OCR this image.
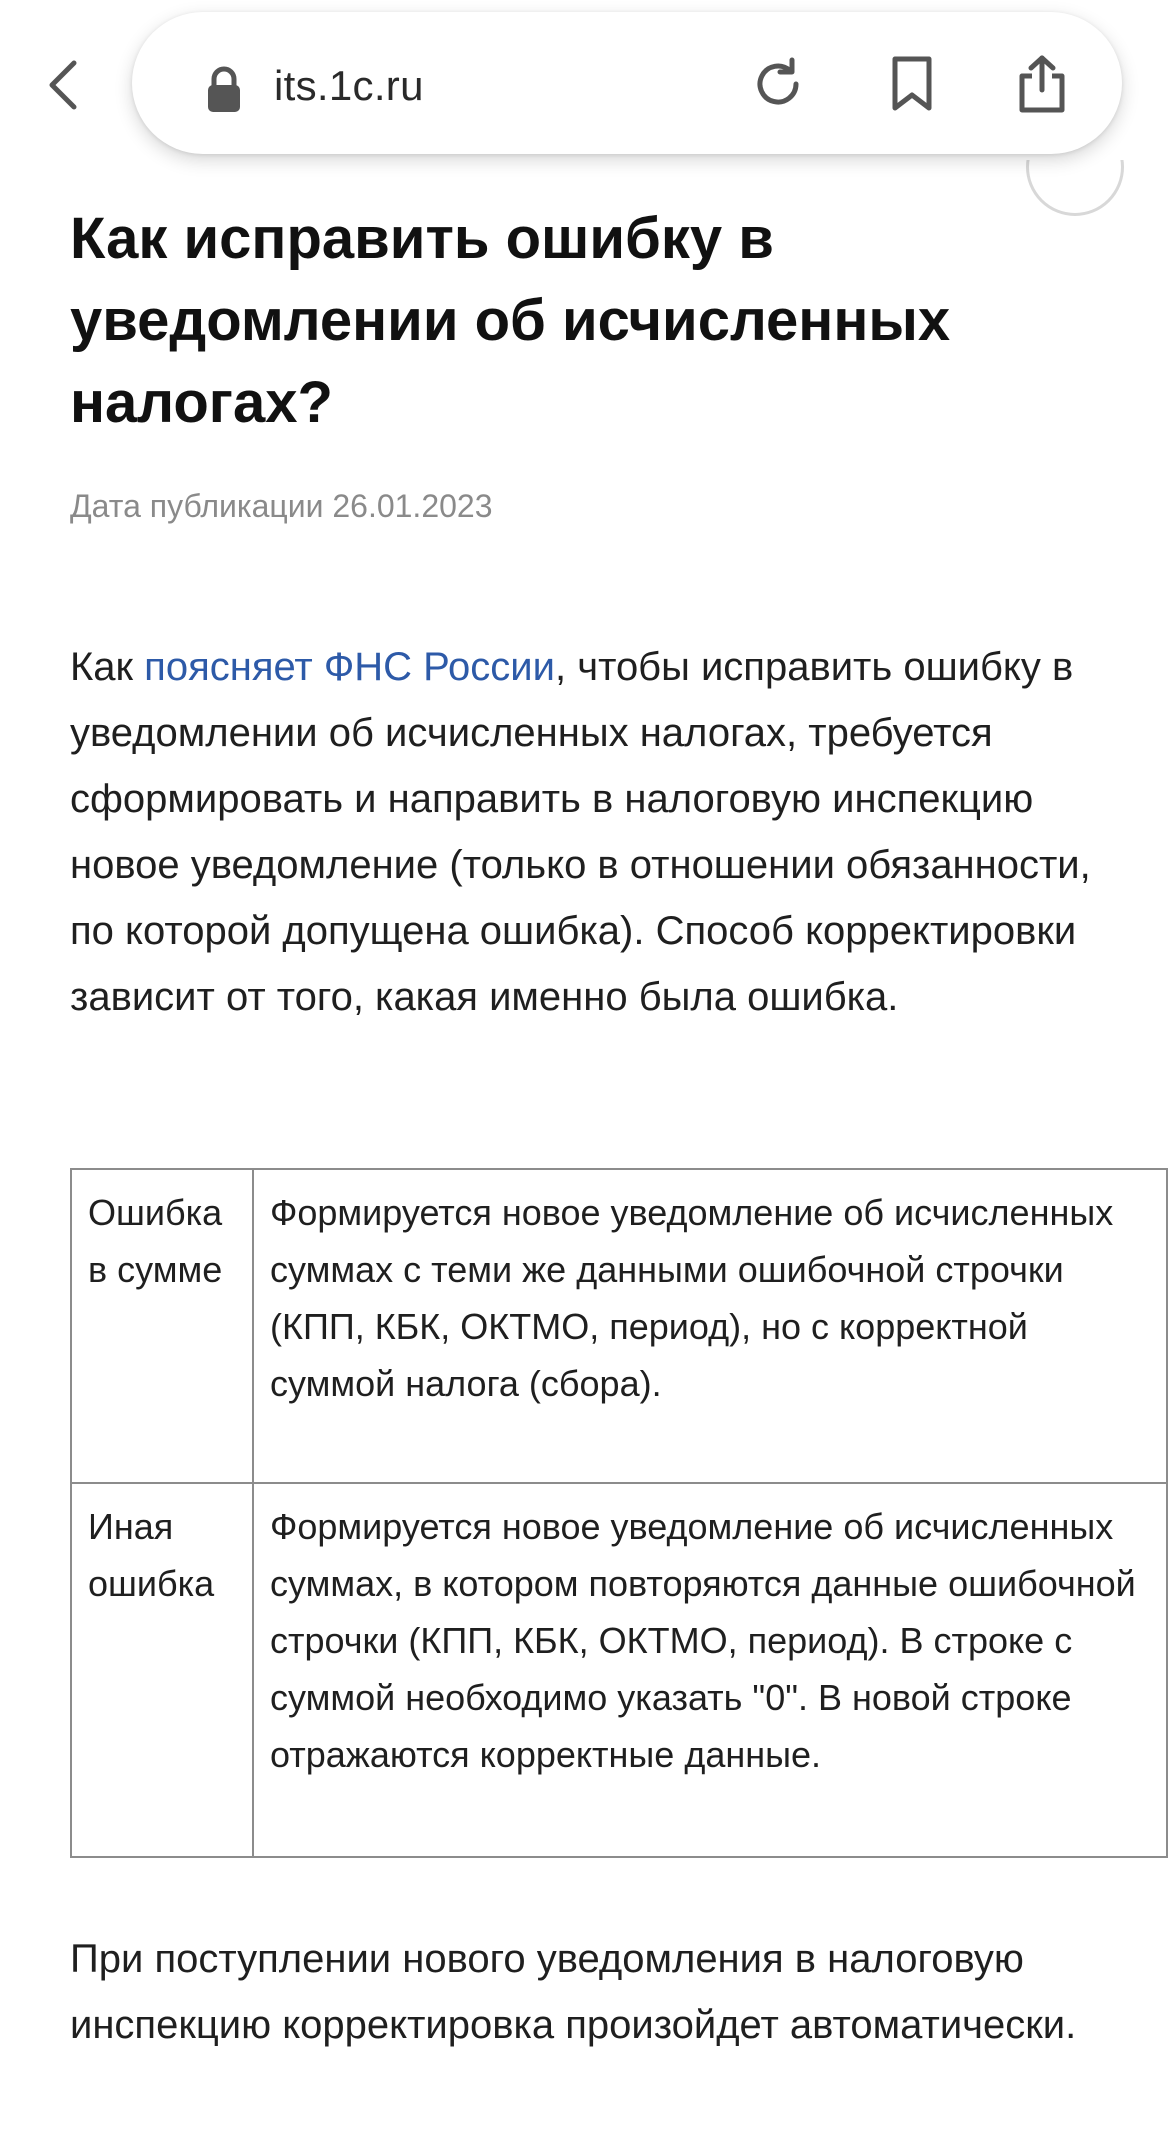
its.1c.ru
Как исправить ошибку в уведомлении об исчисленных налогах?
Дата публикации 26.01.2023

Как поясняет ФНС России, чтобы исправить ошибку в уведомлении об исчисленных налогах, требуется сформировать и направить в налоговую инспекцию новое уведомление (только в отношении обязанности, по которой допущена ошибка). Способ корректировки зависит от того, какая именно была ошибка.

Ошибка в сумме	Формируется новое уведомление об исчисленных суммах с теми же данными ошибочной строчки (КПП, КБК, ОКТМО, период), но с корректной суммой налога (сбора).
Иная ошибка	Формируется новое уведомление об исчисленных суммах, в котором повторяются данные ошибочной строчки (КПП, КБК, ОКТМО, период). В строке с суммой необходимо указать "0". В новой строке отражаются корректные данные.

При поступлении нового уведомления в налоговую инспекцию корректировка произойдет автоматически.
